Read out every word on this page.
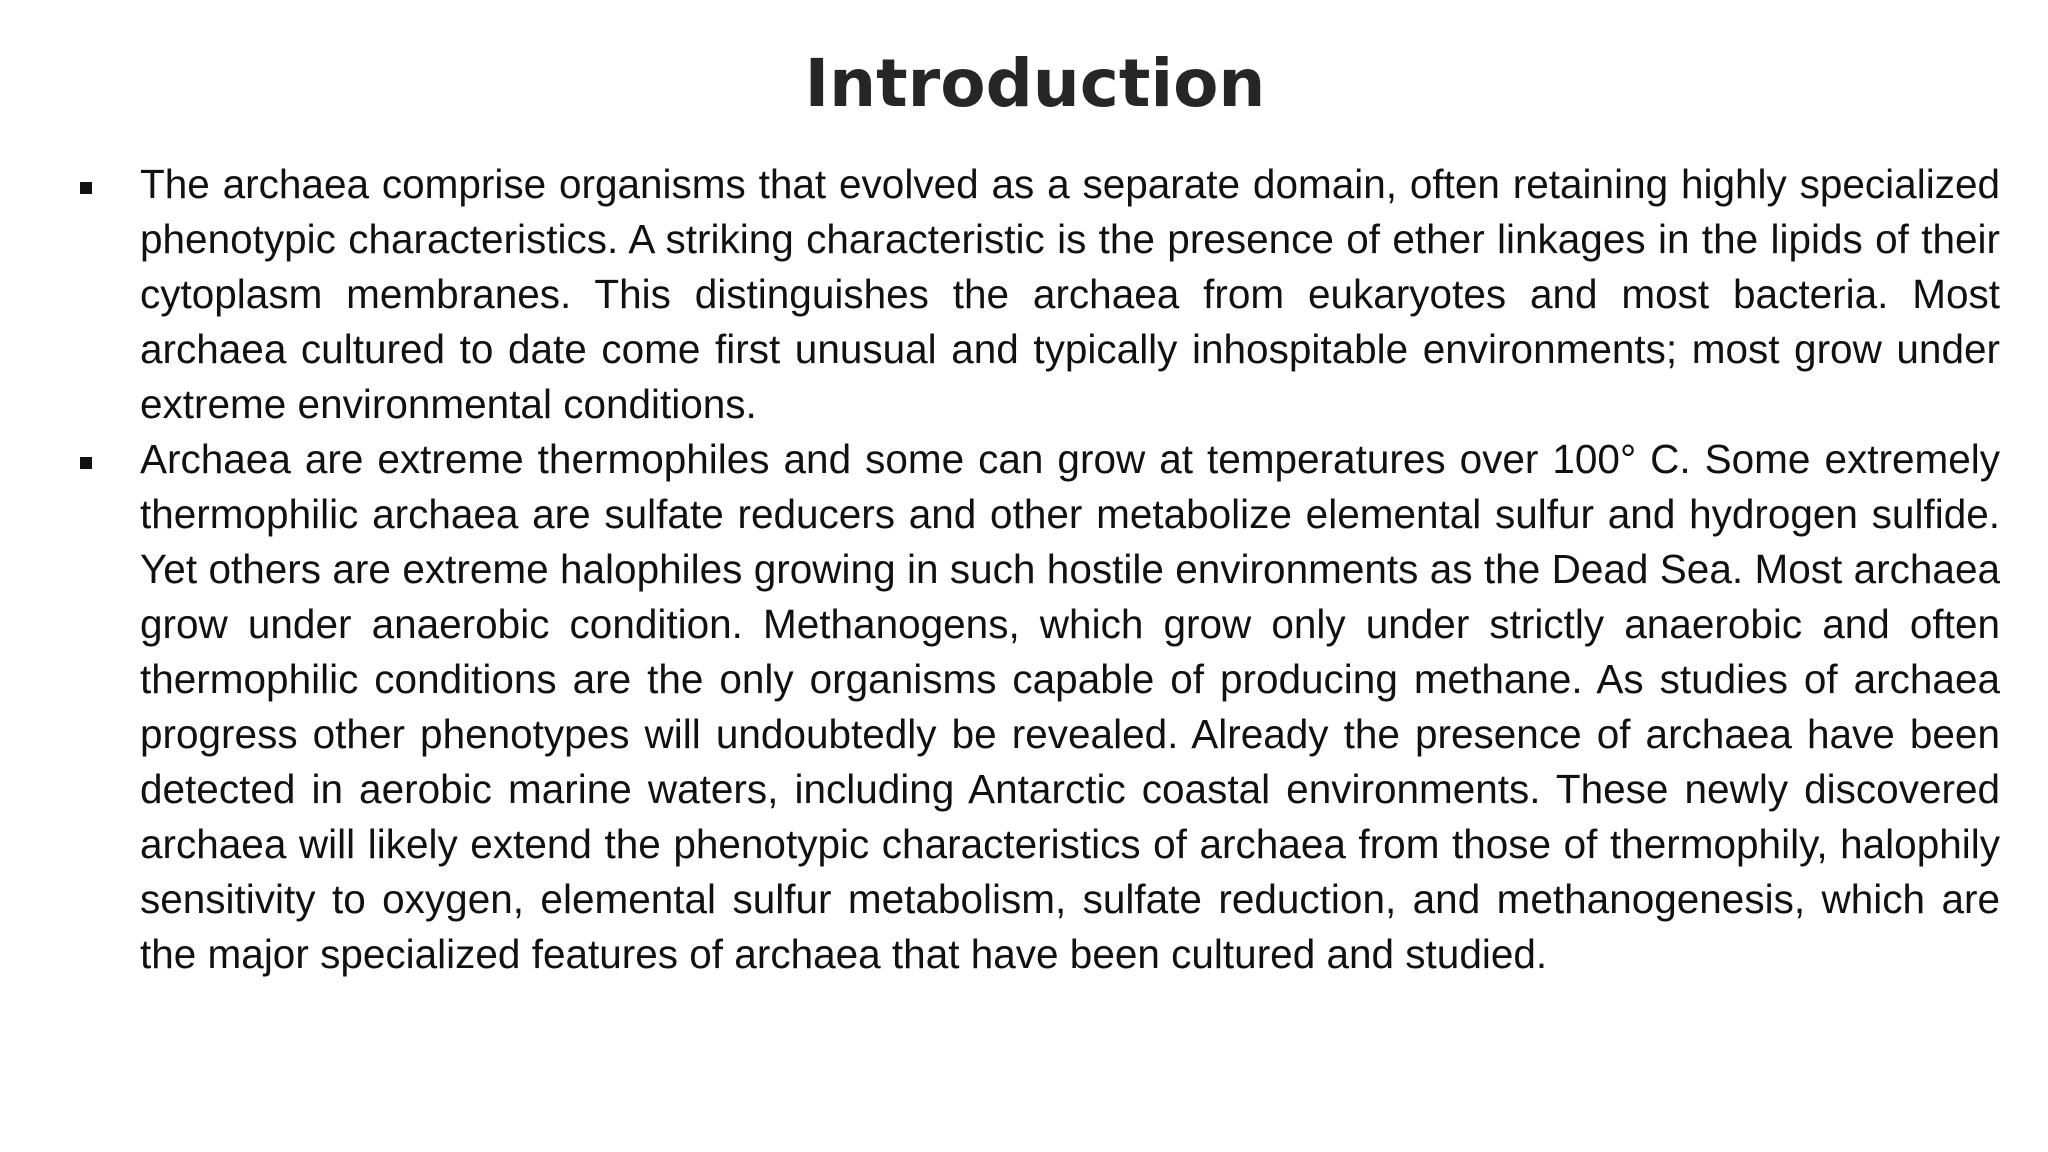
Introduction
The archaea comprise organisms that evolved as a separate domain, often retaining highly specialized phenotypic characteristics. A striking characteristic is the presence of ether linkages in the lipids of their cytoplasm membranes. This distinguishes the archaea from eukaryotes and most bacteria. Most archaea cultured to date come first unusual and typically inhospitable environments; most grow under extreme environmental conditions.
Archaea are extreme thermophiles and some can grow at temperatures over 100° C. Some extremely thermophilic archaea are sulfate reducers and other metabolize elemental sulfur and hydrogen sulfide. Yet others are extreme halophiles growing in such hostile environments as the Dead Sea. Most archaea grow under anaerobic condition. Methanogens, which grow only under strictly anaerobic and often thermophilic conditions are the only organisms capable of producing methane. As studies of archaea progress other phenotypes will undoubtedly be revealed. Already the presence of archaea have been detected in aerobic marine waters, including Antarctic coastal environments. These newly discovered archaea will likely extend the phenotypic characteristics of archaea from those of thermophily, halophily sensitivity to oxygen, elemental sulfur metabolism, sulfate reduction, and methanogenesis, which are the major specialized features of archaea that have been cultured and studied.
